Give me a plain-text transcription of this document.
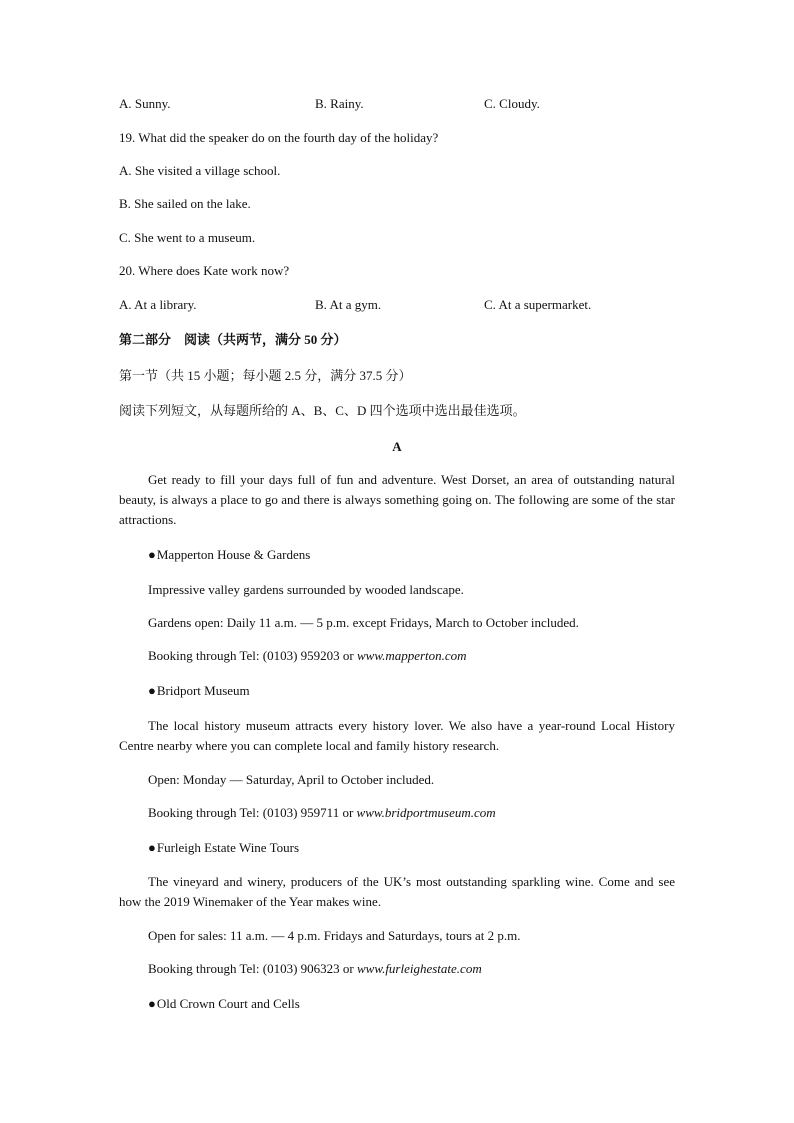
A. Sunny.	B. Rainy.	C. Cloudy.
19. What did the speaker do on the fourth day of the holiday?
A. She visited a village school.
B. She sailed on the lake.
C. She went to a museum.
20. Where does Kate work now?
A. At a library.	B. At a gym.	C. At a supermarket.
第二部分　阅读（共两节，满分 50 分）
第一节（共 15 小题；每小题 2.5 分，满分 37.5 分）
阅读下列短文，从每题所给的 A、B、C、D 四个选项中选出最佳选项。
A
Get ready to fill your days full of fun and adventure. West Dorset, an area of outstanding natural beauty, is always a place to go and there is always something going on. The following are some of the star attractions.
●Mapperton House & Gardens
Impressive valley gardens surrounded by wooded landscape.
Gardens open: Daily 11 a.m. — 5 p.m. except Fridays, March to October included.
Booking through Tel: (0103) 959203 or www.mapperton.com
●Bridport Museum
The local history museum attracts every history lover. We also have a year-round Local History Centre nearby where you can complete local and family history research.
Open: Monday — Saturday, April to October included.
Booking through Tel: (0103) 959711 or www.bridportmuseum.com
●Furleigh Estate Wine Tours
The vineyard and winery, producers of the UK’s most outstanding sparkling wine. Come and see how the 2019 Winemaker of the Year makes wine.
Open for sales: 11 a.m. — 4 p.m. Fridays and Saturdays, tours at 2 p.m.
Booking through Tel: (0103) 906323 or www.furleighestate.com
●Old Crown Court and Cells
